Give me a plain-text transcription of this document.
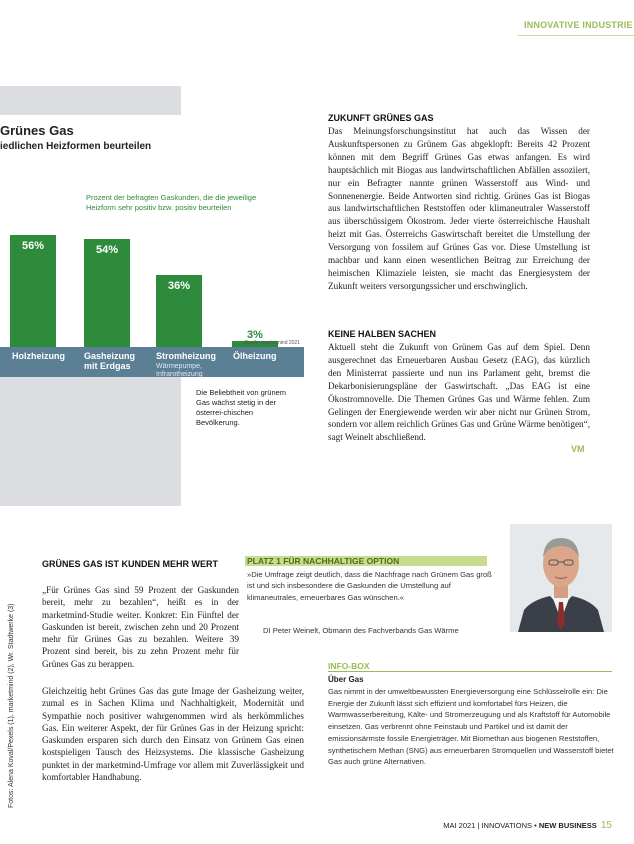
INNOVATIVE INDUSTRIE
Grünes Gas
iedlichen Heizformen beurteilen
Prozent der befragten Gaskunden, die die jeweilige Heizform sehr positiv bzw. positiv beurteilen
56%	54%
36%
3%
Holzheizung Gasheizung
mit Erdgas
Stromheizung
Wärmepumpe,
Infrarotheizung
Ölheizung
Quelle: marketmind 2021
Die Beliebtheit von grünem Gas wächst stetig in der österrei-chischen Bevölkerung.
ZUKUNFT GRÜNES GAS

Das Meinungsforschungsinstitut hat auch das Wissen der Auskunftspersonen zu Grünem Gas abgeklopft: Bereits 42 Prozent können mit dem Begriff Grünes Gas etwas anfangen. Es wird hauptsächlich mit Biogas aus landwirtschaftlichen Abfällen assoziiert, nur ein Befragter nannte grünen Wasserstoff aus Wind- und Sonnenenergie. Beide Antworten sind richtig. Grünes Gas ist Biogas aus landwirtschaftlichen Reststoffen oder klimaneutraler Wasserstoff aus überschüssigem Ökostrom. Jeder vierte österreichische Haushalt heizt mit Gas. Österreichs Gaswirtschaft bereitet die Umstellung der Versorgung von fossilem auf Grünes Gas vor. Diese Umstellung ist machbar und kann einen wesentlichen Beitrag zur Erreichung der heimischen Klimaziele leisten, sie macht das Energiesystem der Zukunft weiters versorgungssicher und erschwinglich.

KEINE HALBEN SACHEN

Aktuell steht die Zukunft von Grünem Gas auf dem Spiel. Denn ausgerechnet das Erneuerbaren Ausbau Gesetz (EAG), das kürzlich den Ministerrat passierte und nun ins Parlament geht, bremst die Dekarbonisierungspläne der Gaswirtschaft. „Das EAG ist eine Ökostromnovelle. Die Themen Grünes Gas und Wärme fehlen. Zum Gelingen der Energiewende werden wir aber nicht nur Grünen Strom, sondern vor allem reichlich Grünes Gas und Grüne Wärme benötigen“, sagt Weinelt abschließend.

VM
Fotos: Alena Koval/Pexels (1), marketmind (2), Wr. Stadtwerke (3)
GRÜNES GAS IST KUNDEN MEHR WERT
„Für Grünes Gas sind 59 Prozent der Gaskunden bereit, mehr zu bezahlen“, heißt es in der marketmind-Studie weiter. Konkret: Ein Fünftel der Gaskunden ist bereit, zwischen zehn und 20 Prozent mehr für Grünes Gas zu bezahlen. Weitere 39 Prozent sind bereit, bis zu zehn Prozent mehr für Grünes Gas zu berappen.
Gleichzeitig hebt Grünes Gas das gute Image der Gasheizung weiter, zumal es in Sachen Klima und Nachhaltigkeit, Modernität und Sympathie noch positiver wahrgenommen wird als herkömmliches Gas. Ein weiterer Aspekt, der für Grünes Gas in der Heizung spricht: Gaskunden ersparen sich durch den Einsatz von Grünem Gas einen kostspieligen Tausch des Heizsystems. Die klassische Gasheizung punktet in der marketmind-Umfrage vor allem mit Zuverlässigkeit und komfortabler Handhabung.
PLATZ 1 FÜR NACHHALTIGE OPTION
»Die Umfrage zeigt deutlich, dass die Nachfrage nach Grünem Gas groß ist und sich insbesondere die Gaskunden die Umstellung auf klimaneutrales, erneuerbares Gas wünschen.«
DI Peter Weinelt, Obmann des Fachverbands Gas Wärme
INFO-BOX
Über Gas
Gas nimmt in der umweltbewussten Energieversorgung eine Schlüsselrolle ein: Die Energie der Zukunft lässt sich effizient und komfortabel fürs Heizen, die Warmwasserbereitung, Kälte- und Stromerzeugung und als Kraftstoff für Automobile einsetzen. Gas verbrennt ohne Feinstaub und Partikel und ist damit der emissionsärmste fossile Energieträger. Mit Biomethan aus biogenen Reststoffen, synthetischem Methan (SNG) aus erneuerbaren Stromquellen und Wasserstoff bietet Gas auch grüne Alternativen.
MAI 2021 | INNOVATIONS • NEW BUSINESS 15
